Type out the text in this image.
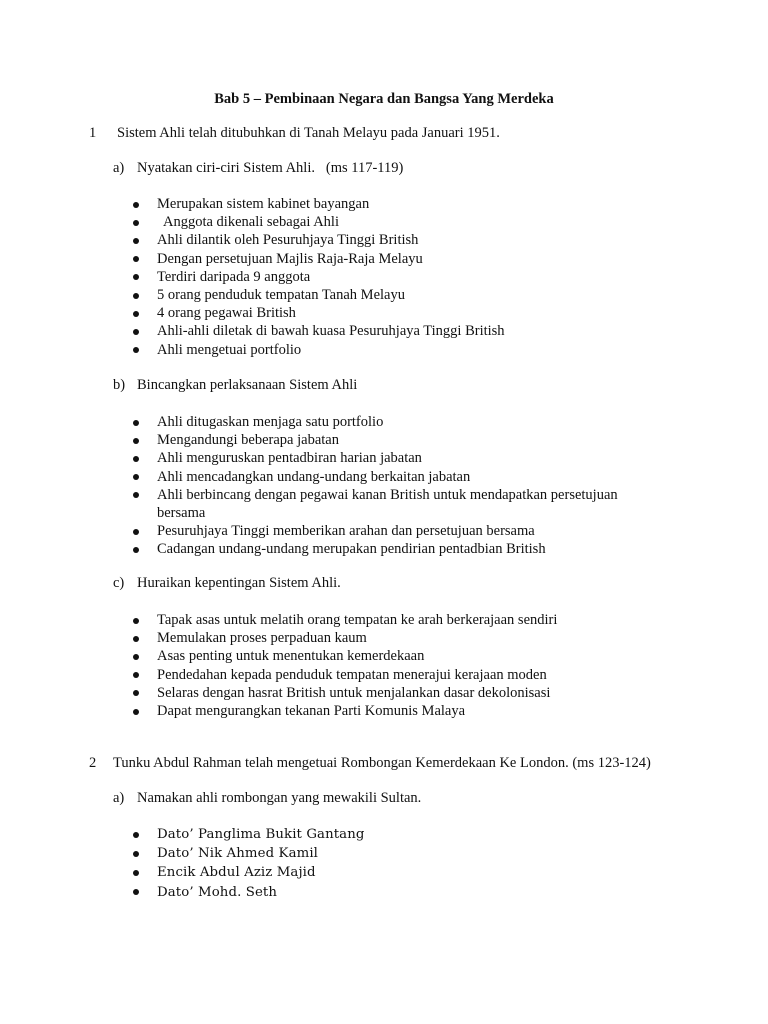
Bab 5 – Pembinaan Negara dan Bangsa Yang Merdeka
1 Sistem Ahli telah ditubuhkan di Tanah Melayu pada Januari 1951.
a) Nyatakan ciri-ciri Sistem Ahli.   (ms 117-119)
Merupakan sistem kabinet bayangan
Anggota dikenali sebagai Ahli
Ahli dilantik oleh Pesuruhjaya Tinggi British
Dengan persetujuan Majlis Raja-Raja Melayu
Terdiri daripada 9 anggota
5 orang penduduk tempatan Tanah Melayu
4 orang pegawai British
Ahli-ahli diletak di bawah kuasa Pesuruhjaya Tinggi British
Ahli mengetuai portfolio
b) Bincangkan perlaksanaan Sistem Ahli
Ahli ditugaskan menjaga satu portfolio
Mengandungi beberapa jabatan
Ahli menguruskan pentadbiran harian jabatan
Ahli mencadangkan undang-undang berkaitan jabatan
Ahli berbincang dengan pegawai kanan British untuk mendapatkan persetujuan bersama
Pesuruhjaya Tinggi memberikan arahan dan persetujuan bersama
Cadangan undang-undang merupakan pendirian pentadbian British
c) Huraikan kepentingan Sistem Ahli.
Tapak asas untuk melatih orang tempatan ke arah berkerajaan sendiri
Memulakan proses perpaduan kaum
Asas penting untuk menentukan kemerdekaan
Pendedahan kepada penduduk tempatan menerajui kerajaan moden
Selaras dengan hasrat British untuk menjalankan dasar dekolonisasi
Dapat mengurangkan tekanan Parti Komunis Malaya
2 Tunku Abdul Rahman telah mengetuai Rombongan Kemerdekaan Ke London. (ms 123-124)
a) Namakan ahli rombongan yang mewakili Sultan.
Dato’ Panglima Bukit Gantang
Dato’ Nik Ahmed Kamil
Encik Abdul Aziz Majid
Dato’ Mohd. Seth
